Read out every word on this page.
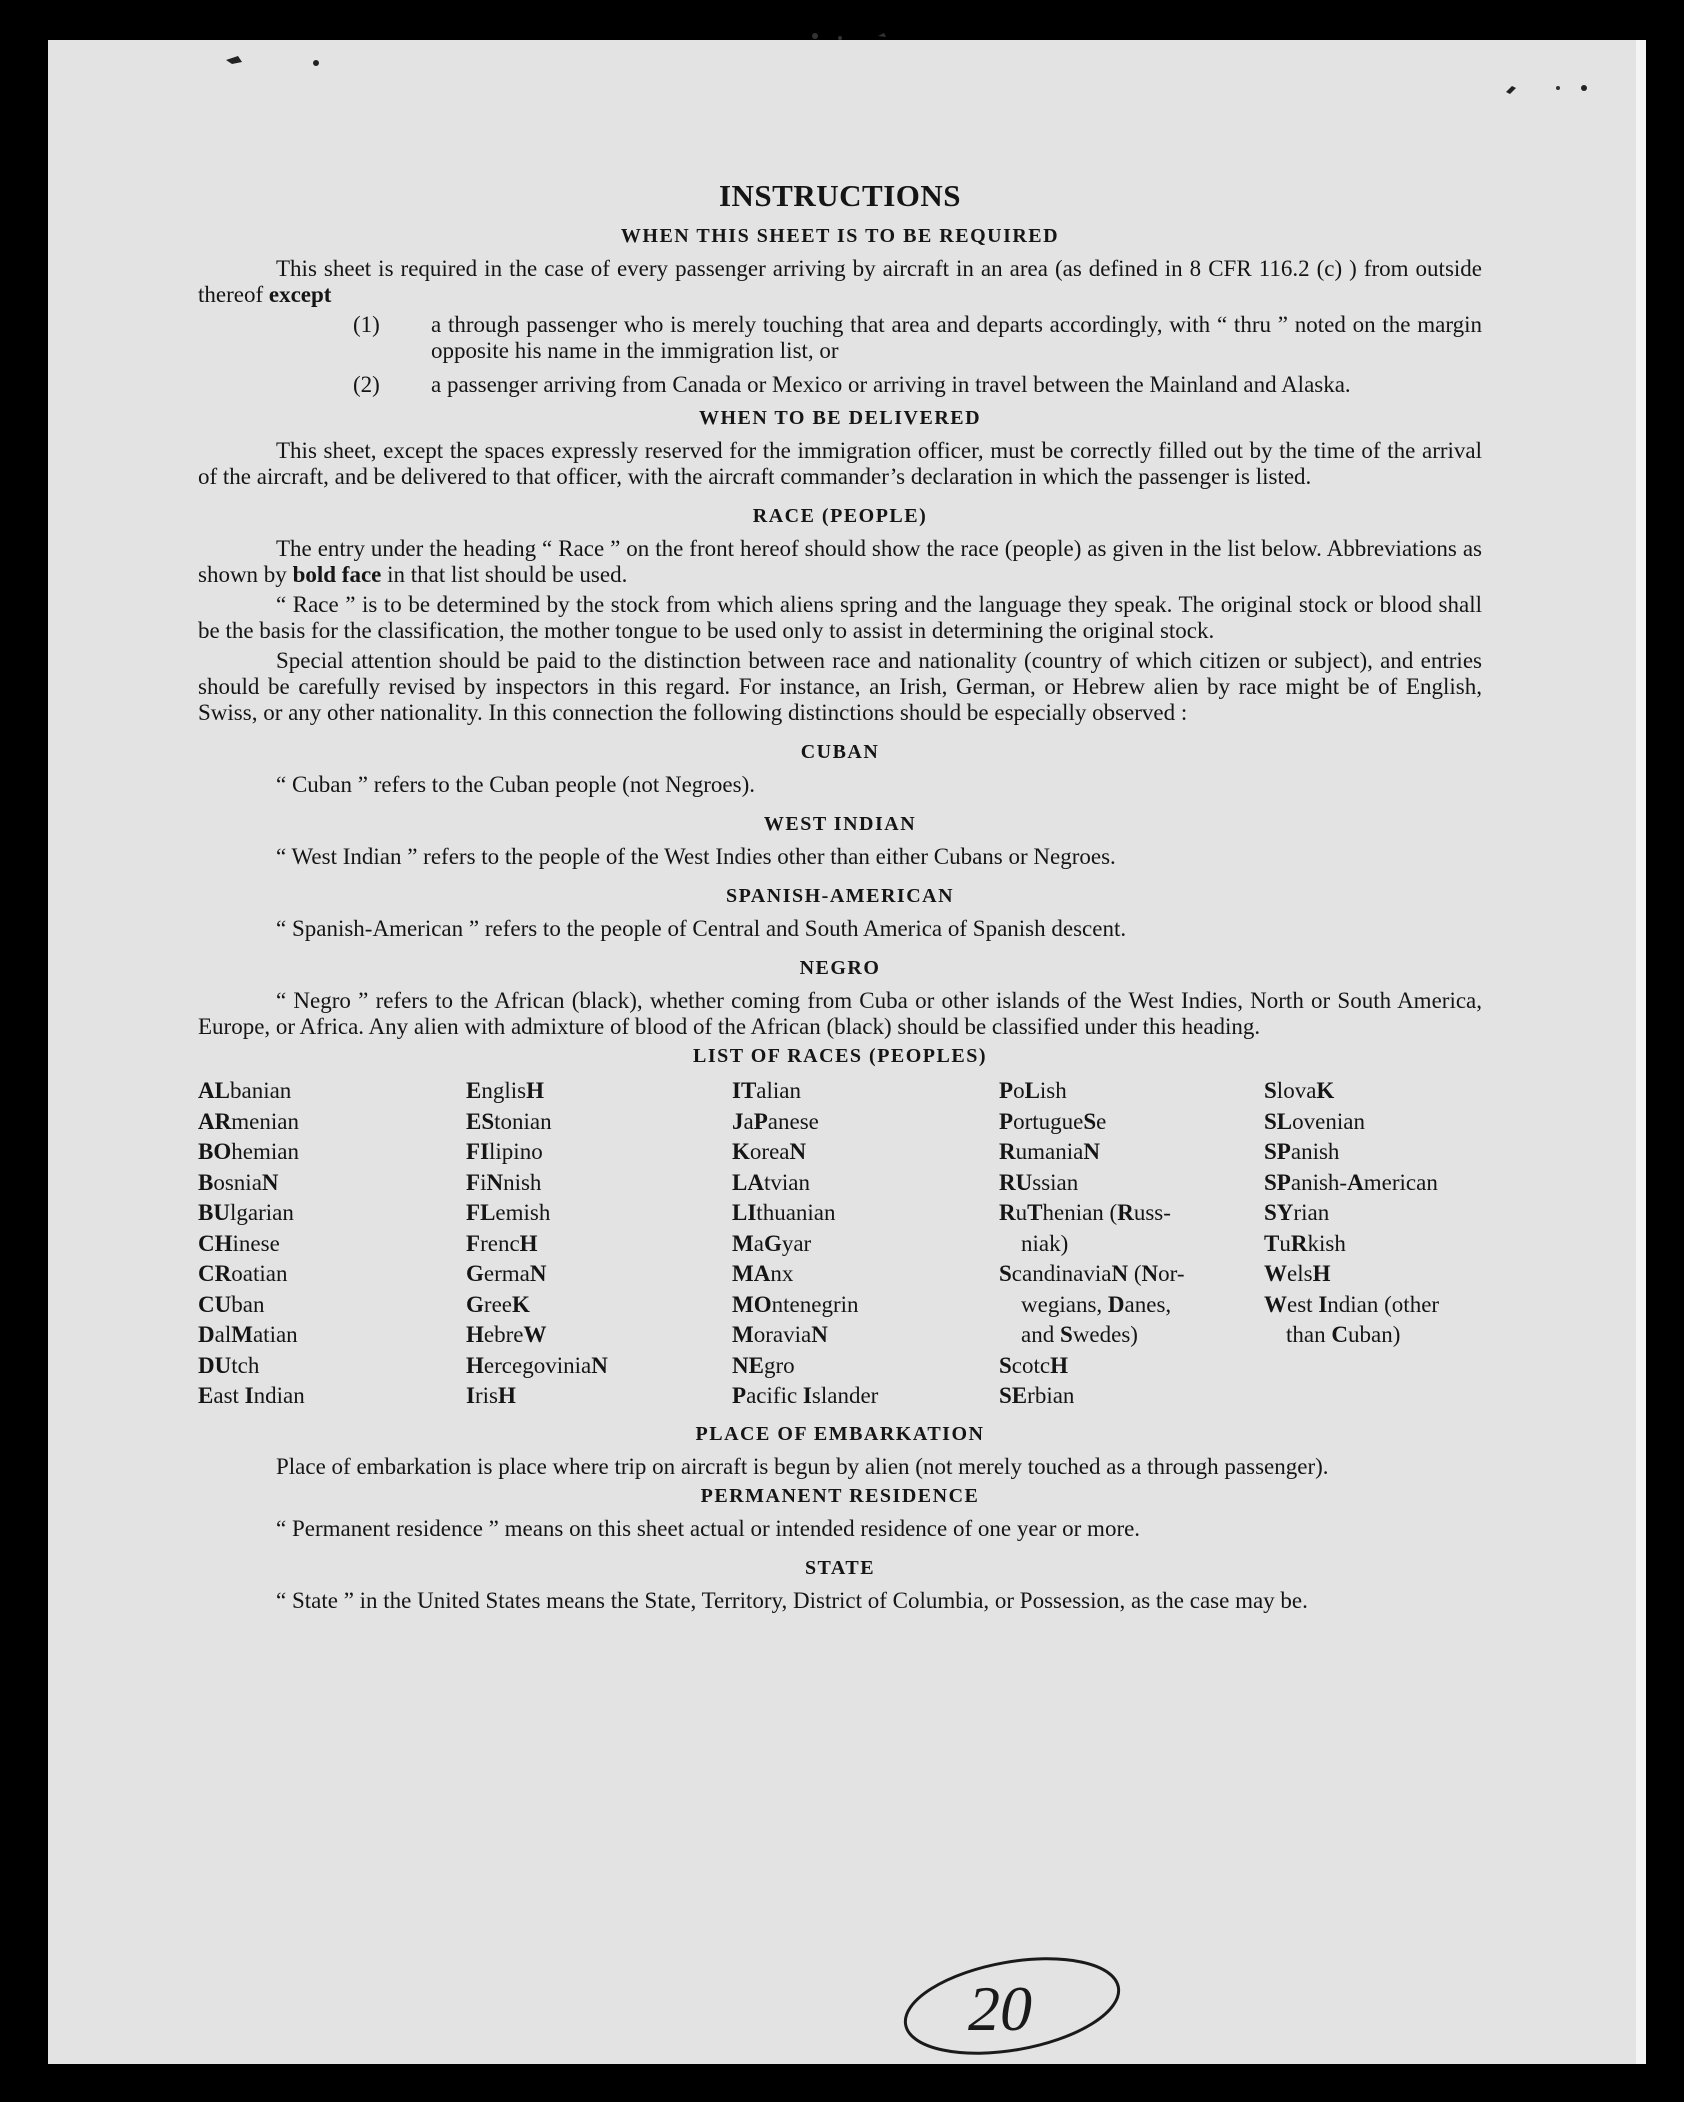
INSTRUCTIONS
WHEN THIS SHEET IS TO BE REQUIRED

This sheet is required in the case of every passenger arriving by aircraft in an area (as defined in 8 CFR 116.2 (c) ) from outside thereof except

(1)	a through passenger who is merely touching that area and departs accordingly, with “ thru ” noted on the margin opposite his name in the immigration list, or
(2)	a passenger arriving from Canada or Mexico or arriving in travel between the Mainland and Alaska.
WHEN TO BE DELIVERED

This sheet, except the spaces expressly reserved for the immigration officer, must be correctly filled out by the time of the arrival of the aircraft, and be delivered to that officer, with the aircraft commander’s declaration in which the passenger is listed.

RACE (PEOPLE)

The entry under the heading “ Race ” on the front hereof should show the race (people) as given in the list below. Abbreviations as shown by bold face in that list should be used.

“ Race ” is to be determined by the stock from which aliens spring and the language they speak. The original stock or blood shall be the basis for the classification, the mother tongue to be used only to assist in determining the original stock.

Special attention should be paid to the distinction between race and nationality (country of which citizen or subject), and entries should be carefully revised by inspectors in this regard. For instance, an Irish, German, or Hebrew alien by race might be of English, Swiss, or any other nationality. In this connection the following distinctions should be especially observed :

CUBAN

“ Cuban ” refers to the Cuban people (not Negroes).

WEST INDIAN

“ West Indian ” refers to the people of the West Indies other than either Cubans or Negroes.

SPANISH-AMERICAN

“ Spanish-American ” refers to the people of Central and South America of Spanish descent.

NEGRO

“ Negro ” refers to the African (black), whether coming from Cuba or other islands of the West Indies, North or South America, Europe, or Africa. Any alien with admixture of blood of the African (black) should be classified under this heading.

LIST OF RACES (PEOPLES)
ALbanian
ARmenian
BOhemian
BosniaN
BUlgarian
CHinese
CRoatian
CUban
DalMatian
DUtch
East Indian
EnglisH
EStonian
FIlipino
FiNnish
FLemish
FrencH
GermaN
GreeK
HebreW
HercegoviniaN
IrisH
ITalian
JaPanese
KoreaN
LAtvian
LIthuanian
MaGyar
MAnx
MOntenegrin
MoraviaN
NEgro
Pacific Islander
PoLish
PortugueSe
RumaniaN
RUssian
RuThenian (Russ-
niak)
ScandinaviaN (Nor-
wegians, Danes,
and Swedes)
ScotcH
SErbian
SlovaK
SLovenian
SPanish
SPanish-American
SYrian
TuRkish
WelsH
West Indian (other
than Cuban)
PLACE OF EMBARKATION

Place of embarkation is place where trip on aircraft is begun by alien (not merely touched as a through passenger).

PERMANENT RESIDENCE

“ Permanent residence ” means on this sheet actual or intended residence of one year or more.

STATE

“ State ” in the United States means the State, Territory, District of Columbia, or Possession, as the case may be.

20
